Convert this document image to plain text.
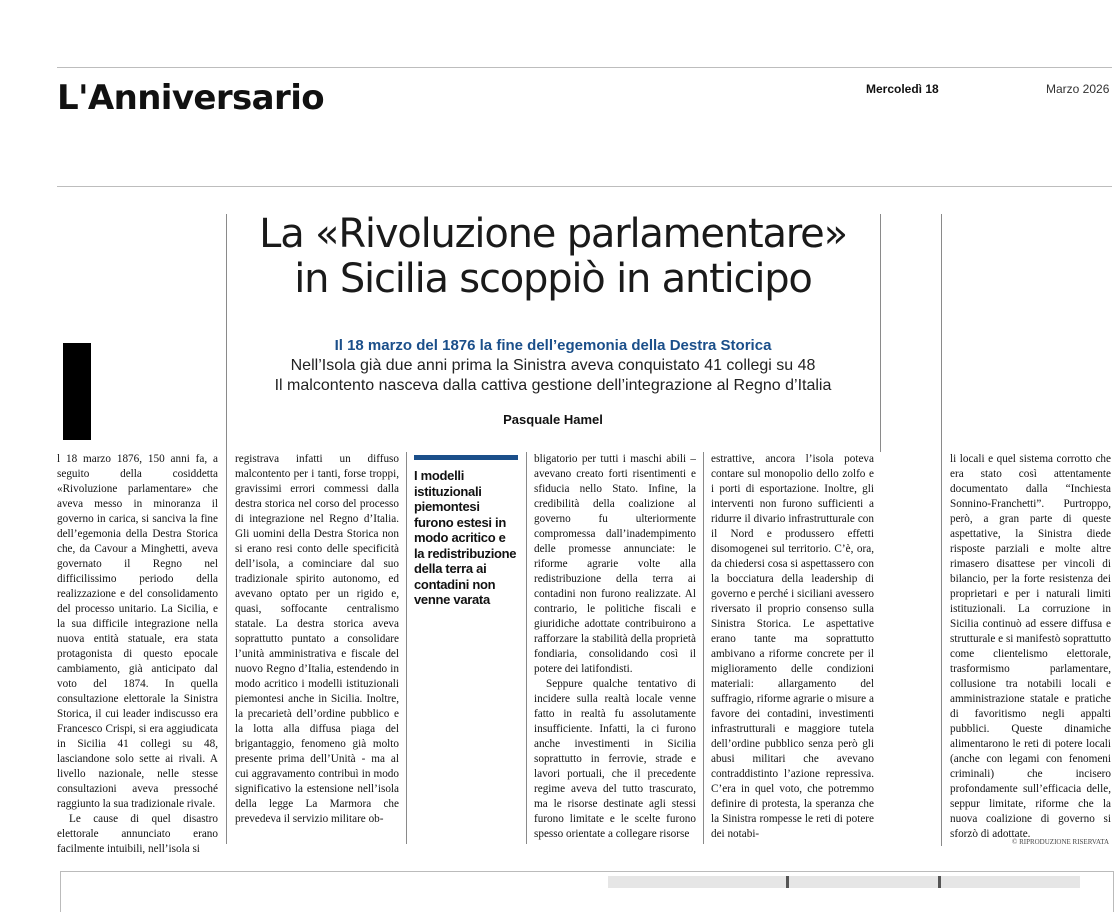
L'Anniversario	Mercoledì 18	Marzo 2026
La «Rivoluzione parlamentare»
in Sicilia scoppiò in anticipo
Il 18 marzo del 1876 la fine dell’egemonia della Destra Storica
Nell’Isola già due anni prima la Sinistra aveva conquistato 41 collegi su 48
Il malcontento nasceva dalla cattiva gestione dell’integrazione al Regno d’Italia
Pasquale Hamel

l 18 marzo 1876, 150 anni fa, a seguito della cosiddetta «Rivoluzione parlamentare» che aveva messo in minoranza il governo in carica, si sanciva la fine dell’egemonia della Destra Storica che, da Cavour a Minghetti, aveva governato il Regno nel difficilissimo periodo della realizzazione e del consolidamento del processo unitario. La Sicilia, e la sua difficile integrazione nella nuova entità statuale, era stata protagonista di questo epocale cambiamento, già anticipato dal voto del 1874. In quella consultazione elettorale la Sinistra Storica, il cui leader indiscusso era Francesco Crispi, si era aggiudicata in Sicilia 41 collegi su 48, lasciandone solo sette ai rivali. A livello nazionale, nelle stesse consultazioni aveva pressoché raggiunto la sua tradizionale rivale.

Le cause di quel disastro elettorale annunciato erano facilmente intuibili, nell’isola si

registrava infatti un diffuso malcontento per i tanti, forse troppi, gravissimi errori commessi dalla destra storica nel corso del processo di integrazione nel Regno d’Italia. Gli uomini della Destra Storica non si erano resi conto delle specificità dell’isola, a cominciare dal suo tradizionale spirito autonomo, ed avevano optato per un rigido e, quasi, soffocante centralismo statale. La destra storica aveva soprattutto puntato a consolidare l’unità amministrativa e fiscale del nuovo Regno d’Italia, estendendo in modo acritico i modelli istituzionali piemontesi anche in Sicilia. Inoltre, la precarietà dell’ordine pubblico e la lotta alla diffusa piaga del brigantaggio, fenomeno già molto presente prima dell’Unità - ma al cui aggravamento contribuì in modo significativo la estensione nell’isola della legge La Marmora che prevedeva il servizio militare ob-

I modelli istituzionali piemontesi furono estesi in modo acritico e la redistribuzione della terra ai contadini non venne varata

bligatorio per tutti i maschi abili – avevano creato forti risentimenti e sfiducia nello Stato. Infine, la credibilità della coalizione al governo fu ulteriormente compromessa dall’inadempimento delle promesse annunciate: le riforme agrarie volte alla redistribuzione della terra ai contadini non furono realizzate. Al contrario, le politiche fiscali e giuridiche adottate contribuirono a rafforzare la stabilità della proprietà fondiaria, consolidando così il potere dei latifondisti.

Seppure qualche tentativo di incidere sulla realtà locale venne fatto in realtà fu assolutamente insufficiente. Infatti, la ci furono anche investimenti in Sicilia soprattutto in ferrovie, strade e lavori portuali, che il precedente regime aveva del tutto trascurato, ma le risorse destinate agli stessi furono limitate e le scelte furono spesso orientate a collegare risorse

estrattive, ancora l’isola poteva contare sul monopolio dello zolfo e i porti di esportazione. Inoltre, gli interventi non furono sufficienti a ridurre il divario infrastrutturale con il Nord e produssero effetti disomogenei sul territorio. C’è, ora, da chiedersi cosa si aspettassero con la bocciatura della leadership di governo e perché i siciliani avessero riversato il proprio consenso sulla Sinistra Storica. Le aspettative erano tante ma soprattutto ambivano a riforme concrete per il miglioramento delle condizioni materiali: allargamento del suffragio, riforme agrarie o misure a favore dei contadini, investimenti infrastrutturali e maggiore tutela dell’ordine pubblico senza però gli abusi militari che avevano contraddistinto l’azione repressiva. C’era in quel voto, che potremmo definire di protesta, la speranza che la Sinistra rompesse le reti di potere dei notabi-

li locali e quel sistema corrotto che era stato così attentamente documentato dalla “Inchiesta Sonnino-Franchetti”. Purtroppo, però, a gran parte di queste aspettative, la Sinistra diede risposte parziali e molte altre rimasero disattese per vincoli di bilancio, per la forte resistenza dei proprietari e per i naturali limiti istituzionali. La corruzione in Sicilia continuò ad essere diffusa e strutturale e si manifestò soprattutto come clientelismo elettorale, trasformismo parlamentare, collusione tra notabili locali e amministrazione statale e pratiche di favoritismo negli appalti pubblici. Queste dinamiche alimentarono le reti di potere locali (anche con legami con fenomeni criminali) che incisero profondamente sull’efficacia delle, seppur limitate, riforme che la nuova coalizione di governo si sforzò di adottate.

© RIPRODUZIONE RISERVATA
